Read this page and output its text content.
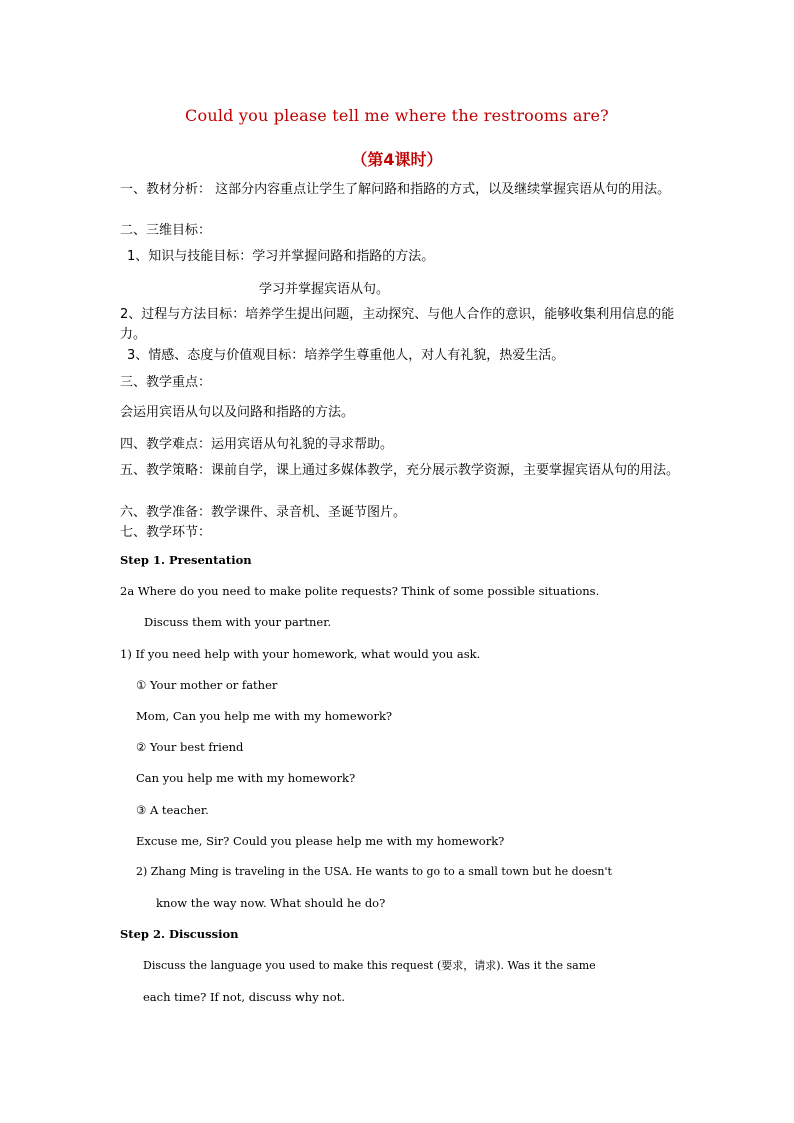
Could you please tell me where the restrooms are?
（第4课时）
一、教材分析： 这部分内容重点让学生了解问路和指路的方式，以及继续掌握宾语从句的用法。
二、三维目标：
1、知识与技能目标：学习并掌握问路和指路的方法。
学习并掌握宾语从句。
2、过程与方法目标：培养学生提出问题，主动探究、与他人合作的意识，能够收集利用信息的能力。
3、情感、态度与价值观目标：培养学生尊重他人，对人有礼貌，热爱生活。
三、教学重点：
会运用宾语从句以及问路和指路的方法。
四、教学难点：运用宾语从句礼貌的寻求帮助。
五、教学策略：课前自学，课上通过多媒体教学，充分展示教学资源，主要掌握宾语从句的用法。
六、教学准备：教学课件、录音机、圣诞节图片。
七、教学环节：
Step 1. Presentation
2a Where do you need to make polite requests? Think of some possible situations.
Discuss them with your partner.
1) If you need help with your homework, what would you ask.
① Your mother or father
Mom, Can you help me with my homework?
② Your best friend
Can you help me with my homework?
③ A teacher.
Excuse me, Sir? Could you please help me with my homework?
2) Zhang Ming is traveling in the USA. He wants to go to a small town but he doesn't
know the way now. What should he do?
Step 2. Discussion
Discuss the language you used to make this request (要求，请求). Was it the same
each time? If not, discuss why not.
